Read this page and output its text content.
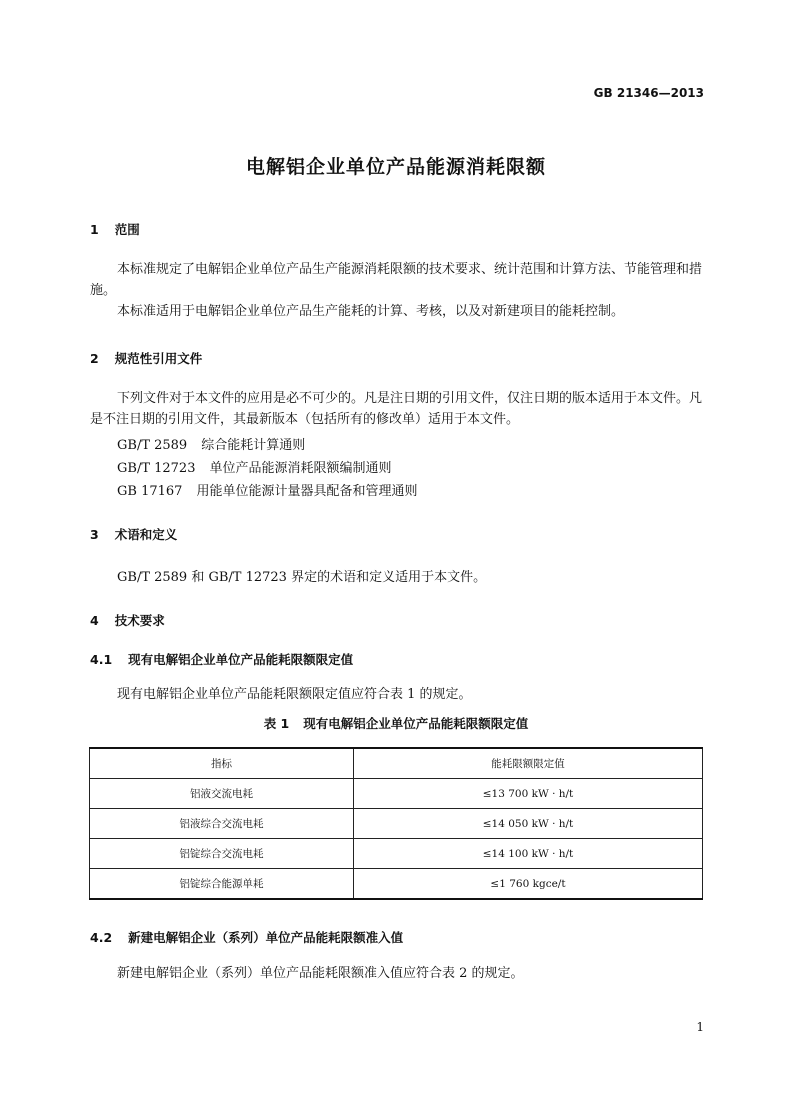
GB 21346—2013
电解铝企业单位产品能源消耗限额
1 范围
本标准规定了电解铝企业单位产品生产能源消耗限额的技术要求、统计范围和计算方法、节能管理和措施。
本标准适用于电解铝企业单位产品生产能耗的计算、考核，以及对新建项目的能耗控制。
2 规范性引用文件
下列文件对于本文件的应用是必不可少的。凡是注日期的引用文件，仅注日期的版本适用于本文件。凡是不注日期的引用文件，其最新版本（包括所有的修改单）适用于本文件。
GB/T 2589 综合能耗计算通则
GB/T 12723 单位产品能源消耗限额编制通则
GB 17167 用能单位能源计量器具配备和管理通则
3 术语和定义
GB/T 2589 和 GB/T 12723 界定的术语和定义适用于本文件。
4 技术要求
4.1 现有电解铝企业单位产品能耗限额限定值
现有电解铝企业单位产品能耗限额限定值应符合表 1 的规定。
表 1 现有电解铝企业单位产品能耗限额限定值
指标	能耗限额限定值
铝液交流电耗	≤13 700 kW · h/t
铝液综合交流电耗	≤14 050 kW · h/t
铝锭综合交流电耗	≤14 100 kW · h/t
铝锭综合能源单耗	≤1 760 kgce/t
4.2 新建电解铝企业（系列）单位产品能耗限额准入值
新建电解铝企业（系列）单位产品能耗限额准入值应符合表 2 的规定。
1
